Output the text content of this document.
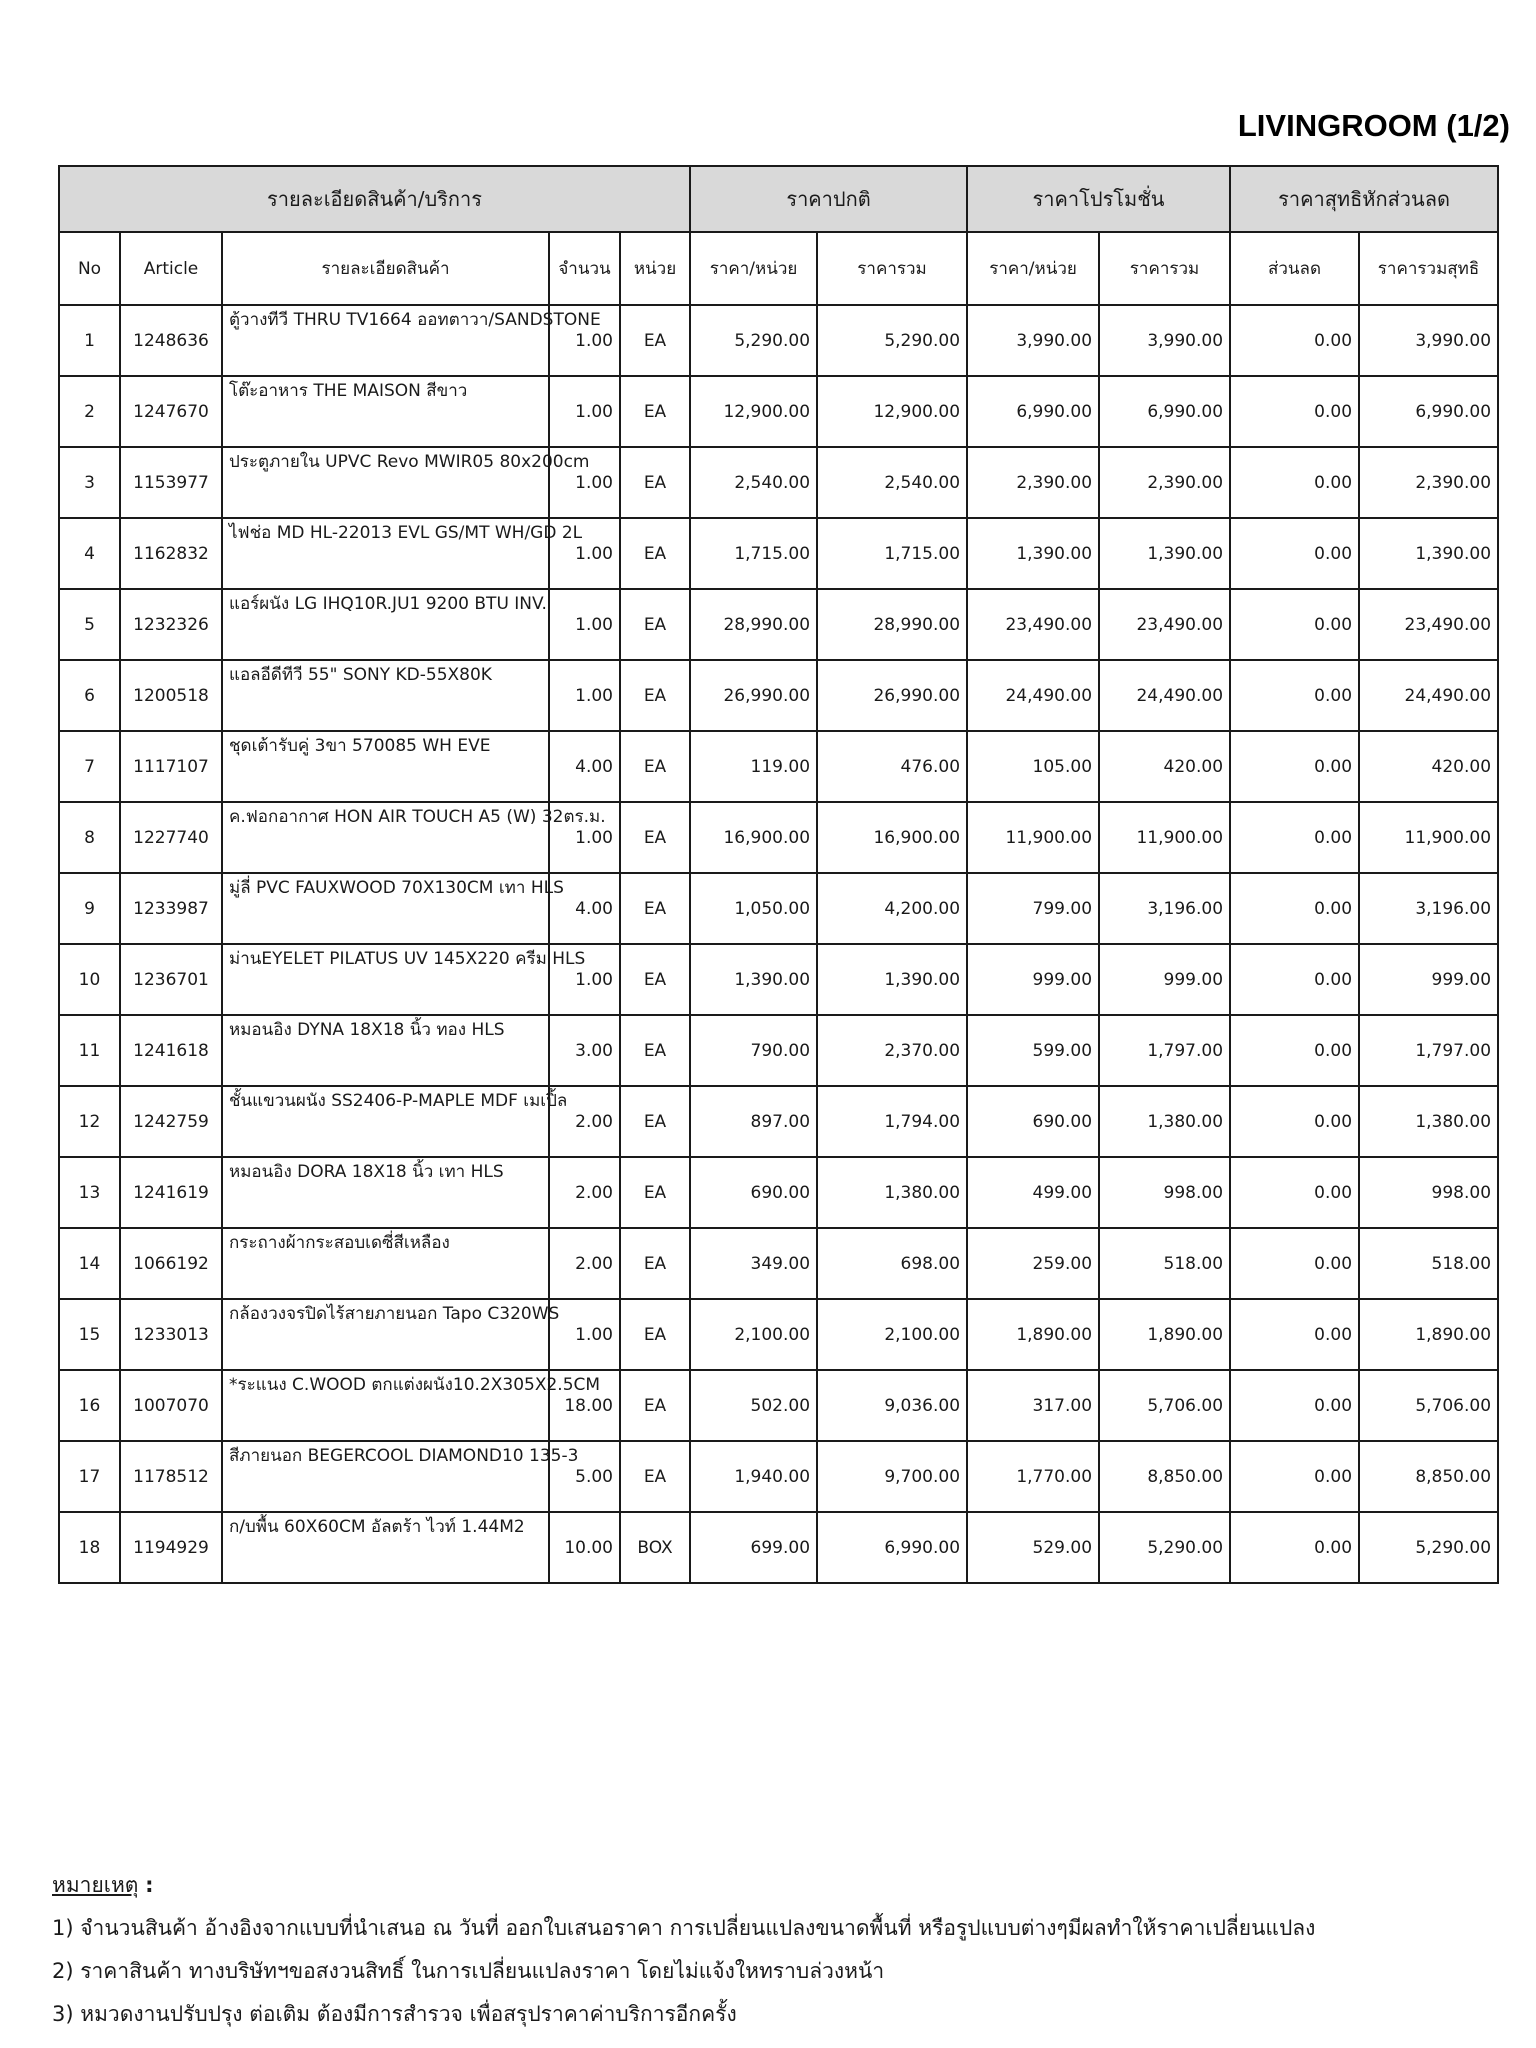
LIVINGROOM (1/2)
รายละเอียดสินค้า/บริการ					ราคาปกติ		ราคาโปรโมชั่น		ราคาสุทธิหักส่วนลด	
No	Article	รายละเอียดสินค้า	จำนวน	หน่วย	ราคา/หน่วย	ราคารวม	ราคา/หน่วย	ราคารวม	ส่วนลด	ราคารวมสุทธิ
1	1248636	ตู้วางทีวี THRU TV1664 ออทตาวา/SANDSTONE	1.00	EA	5,290.00	5,290.00	3,990.00	3,990.00	0.00	3,990.00
2	1247670	โต๊ะอาหาร THE MAISON สีขาว	1.00	EA	12,900.00	12,900.00	6,990.00	6,990.00	0.00	6,990.00
3	1153977	ประตูภายใน UPVC Revo MWIR05 80x200cm	1.00	EA	2,540.00	2,540.00	2,390.00	2,390.00	0.00	2,390.00
4	1162832	ไฟช่อ MD HL-22013 EVL GS/MT WH/GD 2L	1.00	EA	1,715.00	1,715.00	1,390.00	1,390.00	0.00	1,390.00
5	1232326	แอร์ผนัง LG IHQ10R.JU1 9200 BTU INV.	1.00	EA	28,990.00	28,990.00	23,490.00	23,490.00	0.00	23,490.00
6	1200518	แอลอีดีทีวี 55" SONY KD-55X80K	1.00	EA	26,990.00	26,990.00	24,490.00	24,490.00	0.00	24,490.00
7	1117107	ชุดเต้ารับคู่ 3ขา 570085 WH EVE	4.00	EA	119.00	476.00	105.00	420.00	0.00	420.00
8	1227740	ค.ฟอกอากาศ HON AIR TOUCH A5 (W) 32ตร.ม.	1.00	EA	16,900.00	16,900.00	11,900.00	11,900.00	0.00	11,900.00
9	1233987	มู่ลี่ PVC FAUXWOOD 70X130CM เทา HLS	4.00	EA	1,050.00	4,200.00	799.00	3,196.00	0.00	3,196.00
10	1236701	ม่านEYELET PILATUS UV 145X220 ครีม HLS	1.00	EA	1,390.00	1,390.00	999.00	999.00	0.00	999.00
11	1241618	หมอนอิง DYNA 18X18 นิ้ว ทอง HLS	3.00	EA	790.00	2,370.00	599.00	1,797.00	0.00	1,797.00
12	1242759	ชั้นแขวนผนัง SS2406-P-MAPLE MDF เมเปิ้ล	2.00	EA	897.00	1,794.00	690.00	1,380.00	0.00	1,380.00
13	1241619	หมอนอิง DORA 18X18 นิ้ว เทา HLS	2.00	EA	690.00	1,380.00	499.00	998.00	0.00	998.00
14	1066192	กระถางผ้ากระสอบเดซี่สีเหลือง	2.00	EA	349.00	698.00	259.00	518.00	0.00	518.00
15	1233013	กล้องวงจรปิดไร้สายภายนอก Tapo C320WS	1.00	EA	2,100.00	2,100.00	1,890.00	1,890.00	0.00	1,890.00
16	1007070	*ระแนง C.WOOD ตกแต่งผนัง10.2X305X2.5CM	18.00	EA	502.00	9,036.00	317.00	5,706.00	0.00	5,706.00
17	1178512	สีภายนอก BEGERCOOL DIAMOND10 135-3	5.00	EA	1,940.00	9,700.00	1,770.00	8,850.00	0.00	8,850.00
18	1194929	ก/บพื้น 60X60CM อัลตร้า ไวท์ 1.44M2	10.00	BOX	699.00	6,990.00	529.00	5,290.00	0.00	5,290.00
หมายเหตุ :
1) จำนวนสินค้า อ้างอิงจากแบบที่นำเสนอ ณ วันที่ ออกใบเสนอราคา การเปลี่ยนแปลงขนาดพื้นที่ หรือรูปแบบต่างๆมีผลทำให้ราคาเปลี่ยนแปลง
2) ราคาสินค้า ทางบริษัทฯขอสงวนสิทธิ์ ในการเปลี่ยนแปลงราคา โดยไม่แจ้งใหทราบล่วงหน้า
3) หมวดงานปรับปรุง ต่อเติม ต้องมีการสำรวจ เพื่อสรุปราคาค่าบริการอีกครั้ง
